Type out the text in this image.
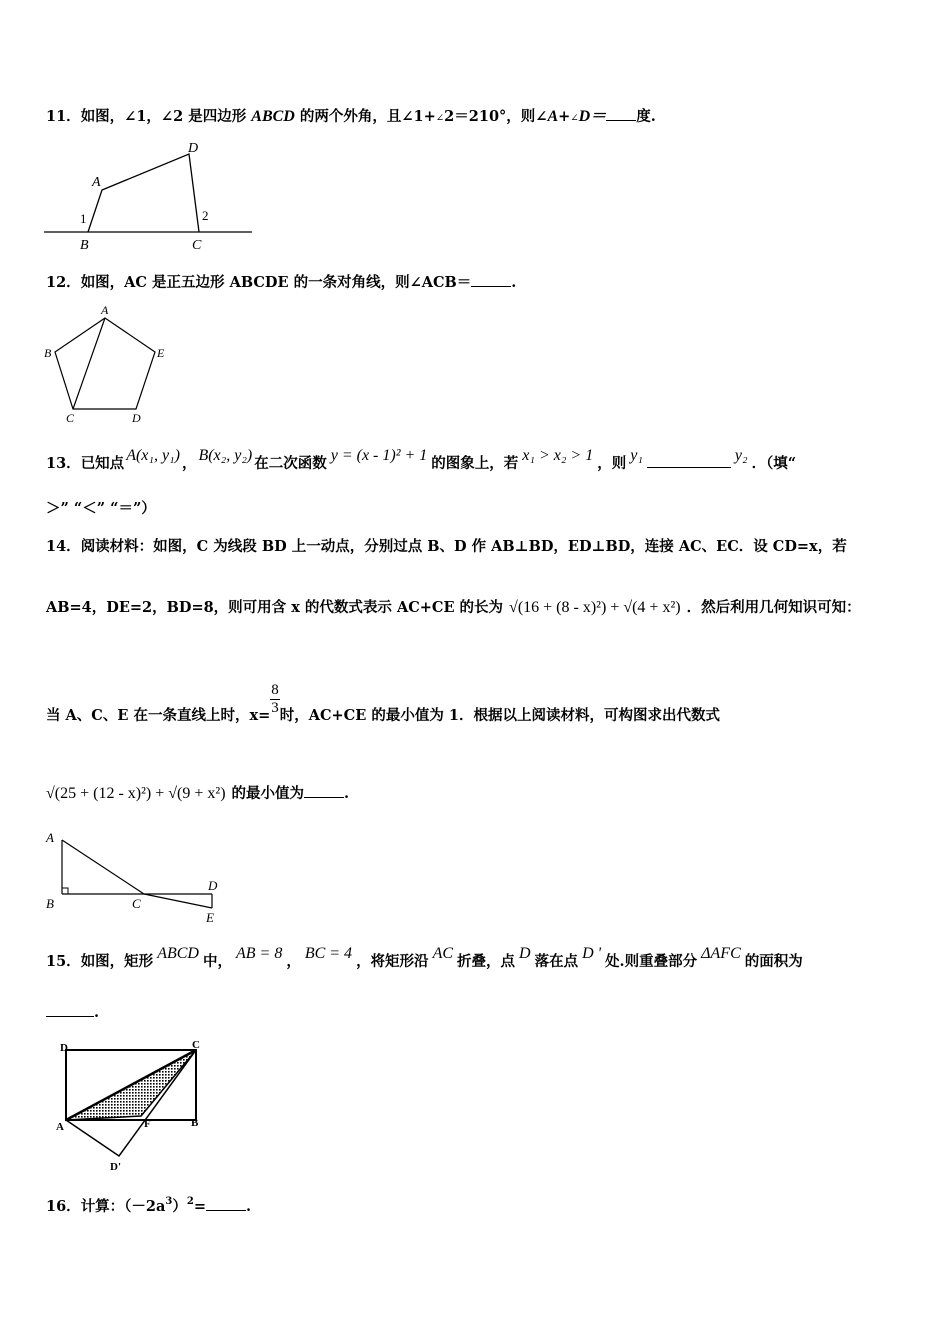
11．如图，∠1，∠2 是四边形 ABCD 的两个外角，且∠1+∠2＝210°，则∠A+∠D＝ 度.
A
D
B	C
1	2
12．如图，AC 是正五边形 ABCDE 的一条对角线，则∠ACB＝	.
A
B	E
C	D
13．已知点 A(x₁, y₁) ， B(x₂, y₂) 在二次函数 y = (x - 1)² + 1 的图象上，若 x₁ > x₂ > 1 ，则 y₁	y₂ ．（填“
＞” “＜” “＝”）
14．阅读材料：如图，C 为线段 BD 上一动点，分别过点 B、D 作 AB⊥BD，ED⊥BD，连接 AC、EC．设 CD=x，若
AB=4，DE=2，BD=8，则可用含 x 的代数式表示 AC+CE 的长为 √(16 + (8 - x)²) + √(4 + x²) ．然后利用几何知识可知：
当 A、C、E 在一条直线上时，$x= \frac{8}{3}$ 时，AC+CE 的最小值为 1．根据以上阅读材料，可构图求出代数式
√(25 + (12 - x)²) + √(9 + x²) 的最小值为	.
A
B	C
D
E
15．如图，矩形 ABCD 中， AB = 8 ， BC = 4 ，将矩形沿 AC 折叠，点 D 落在点 D ' 处.则重叠部分 ΔAFC 的面积为
.
D	C
A	B
F
D'
16．计算：$(-2a^3)^2=$	.
